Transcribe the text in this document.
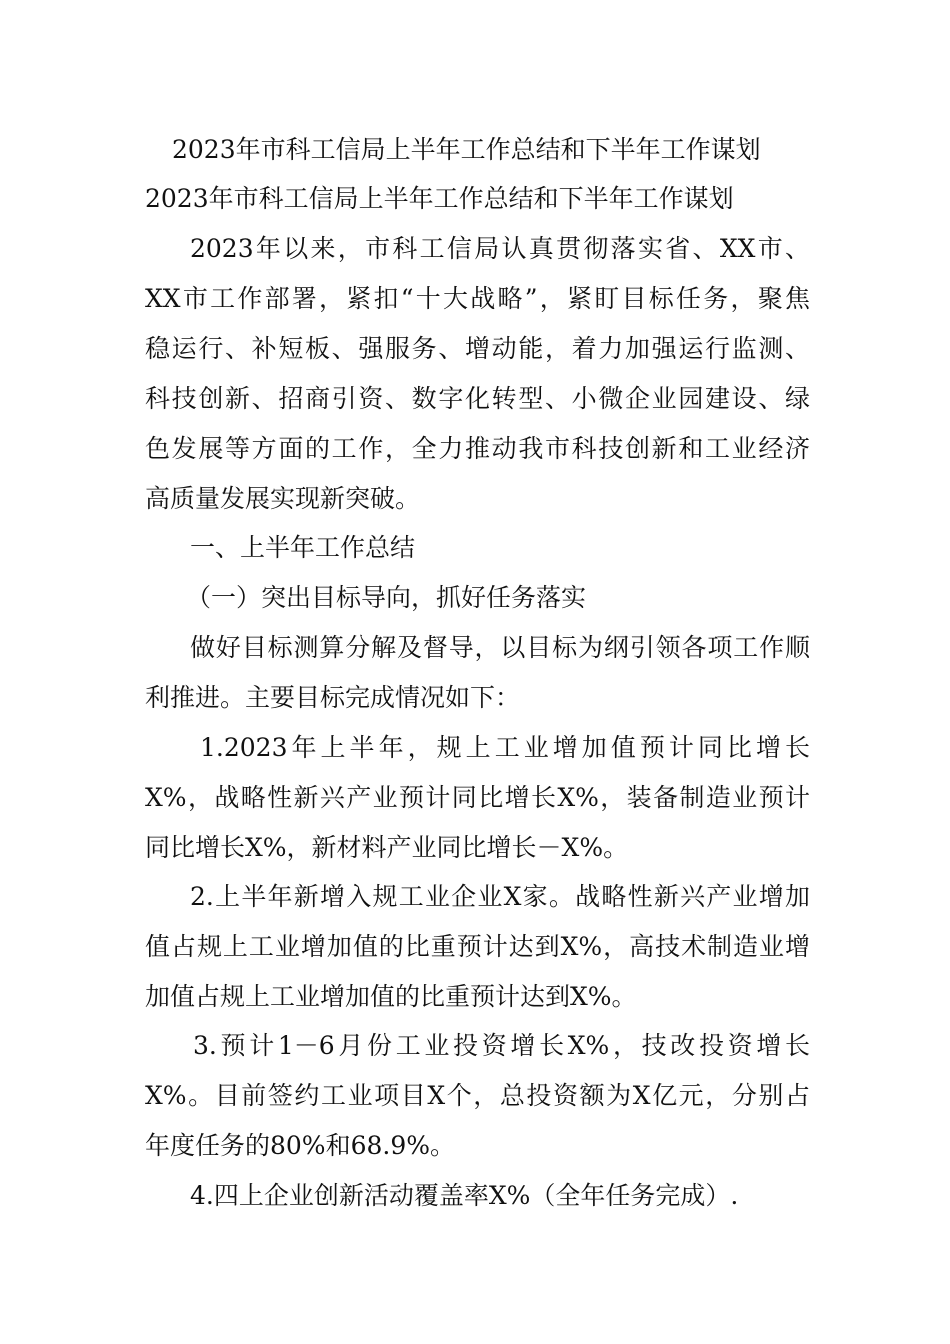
2023年市科工信局上半年工作总结和下半年工作谋划
2023年市科工信局上半年工作总结和下半年工作谋划
2023年以来，市科工信局认真贯彻落实省、XX市、
XX市工作部署，紧扣“十大战略”，紧盯目标任务，聚焦
稳运行、补短板、强服务、增动能，着力加强运行监测、
科技创新、招商引资、数字化转型、小微企业园建设、绿
色发展等方面的工作，全力推动我市科技创新和工业经济
高质量发展实现新突破。
一、上半年工作总结
（一）突出目标导向，抓好任务落实
做好目标测算分解及督导，以目标为纲引领各项工作顺
利推进。主要目标完成情况如下：
1.2023年上半年，规上工业增加值预计同比增长
X%，战略性新兴产业预计同比增长X%，装备制造业预计
同比增长X%，新材料产业同比增长－X%。
2.上半年新增入规工业企业X家。战略性新兴产业增加
值占规上工业增加值的比重预计达到X%，高技术制造业增
加值占规上工业增加值的比重预计达到X%。
3.预计1－6月份工业投资增长X%，技改投资增长
X%。目前签约工业项目X个，总投资额为X亿元，分别占
年度任务的80%和68.9%。
4.四上企业创新活动覆盖率X%（全年任务完成）.
